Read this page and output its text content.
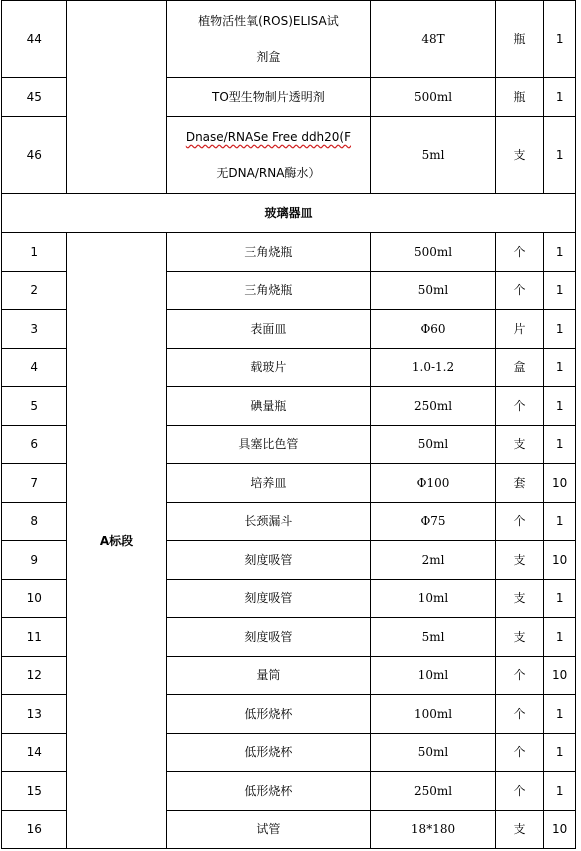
44		植物活性氧(ROS)ELISA试
剂盒	48T	瓶	1
45		TO型生物制片透明剂	500ml	瓶	1
46		Dnase/RNASe Free ddh20(F
无DNA/RNA酶水）	5ml	支	1
玻璃器皿					
1	A标段	三角烧瓶	500ml	个	1
2		三角烧瓶	50ml	个	1
3		表面皿	Φ60	片	1
4		载玻片	1.0-1.2	盒	1
5		碘量瓶	250ml	个	1
6		具塞比色管	50ml	支	1
7		培养皿	Φ100	套	10
8		长颈漏斗	Φ75	个	1
9		刻度吸管	2ml	支	10
10		刻度吸管	10ml	支	1
11		刻度吸管	5ml	支	1
12		量筒	10ml	个	10
13		低形烧杯	100ml	个	1
14		低形烧杯	50ml	个	1
15		低形烧杯	250ml	个	1
16		试管	18*180	支	10
